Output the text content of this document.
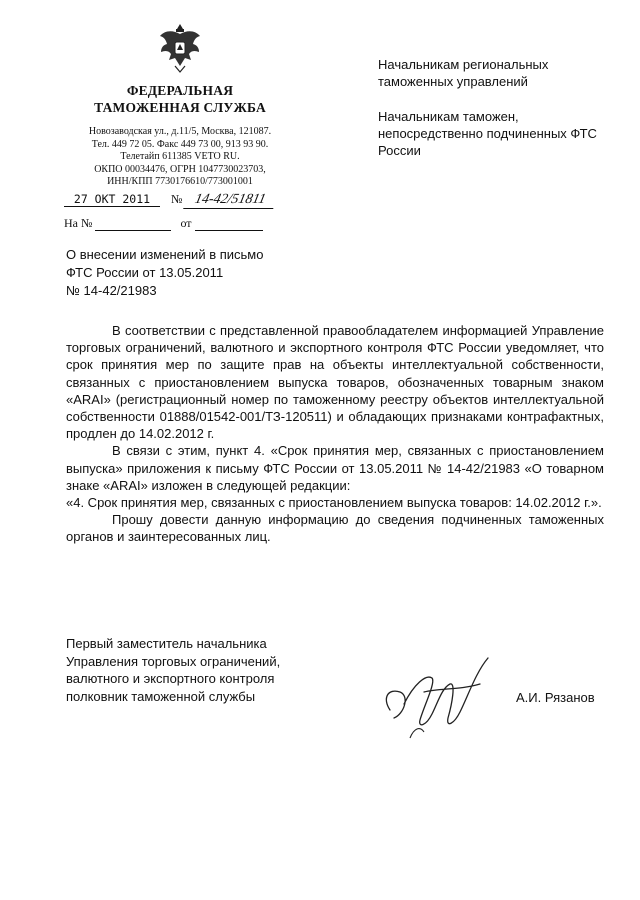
ФЕДЕРАЛЬНАЯ
ТАМОЖЕННАЯ СЛУЖБА
Новозаводская ул., д.11/5, Москва, 121087.
Тел. 449 72 05. Факс 449 73 00, 913 93 90.
Телетайп 611385 VETO RU.
ОКПО 00034476, ОГРН 1047730023703,
ИНН/КПП 7730176610/773001001
27 ОКТ 2011 № 14-42/51811
На №	от

Начальникам региональных таможенных управлений

Начальникам таможен, непосредственно подчиненных ФТС России

О внесении изменений в письмо
ФТС России от 13.05.2011
№ 14-42/21983

В соответствии с представленной правообладателем информацией Управление торговых ограничений, валютного и экспортного контроля ФТС России уведомляет, что срок принятия мер по защите прав на объекты интеллектуальной собственности, связанных с приостановлением выпуска товаров, обозначенных товарным знаком «ARAI» (регистрационный номер по таможенному реестру объектов интеллектуальной собственности 01888/01542-001/ТЗ-120511) и обладающих признаками контрафактных, продлен до 14.02.2012 г.

В связи с этим, пункт 4. «Срок принятия мер, связанных с приостановлением выпуска» приложения к письму ФТС России от 13.05.2011 № 14-42/21983 «О товарном знаке «ARAI» изложен в следующей редакции:

«4. Срок принятия мер, связанных с приостановлением выпуска товаров: 14.02.2012 г.».

Прошу довести данную информацию до сведения подчиненных таможенных органов и заинтересованных лиц.

Первый заместитель начальника
Управления торговых ограничений,
валютного и экспортного контроля
полковник таможенной службы	А.И. Рязанов
